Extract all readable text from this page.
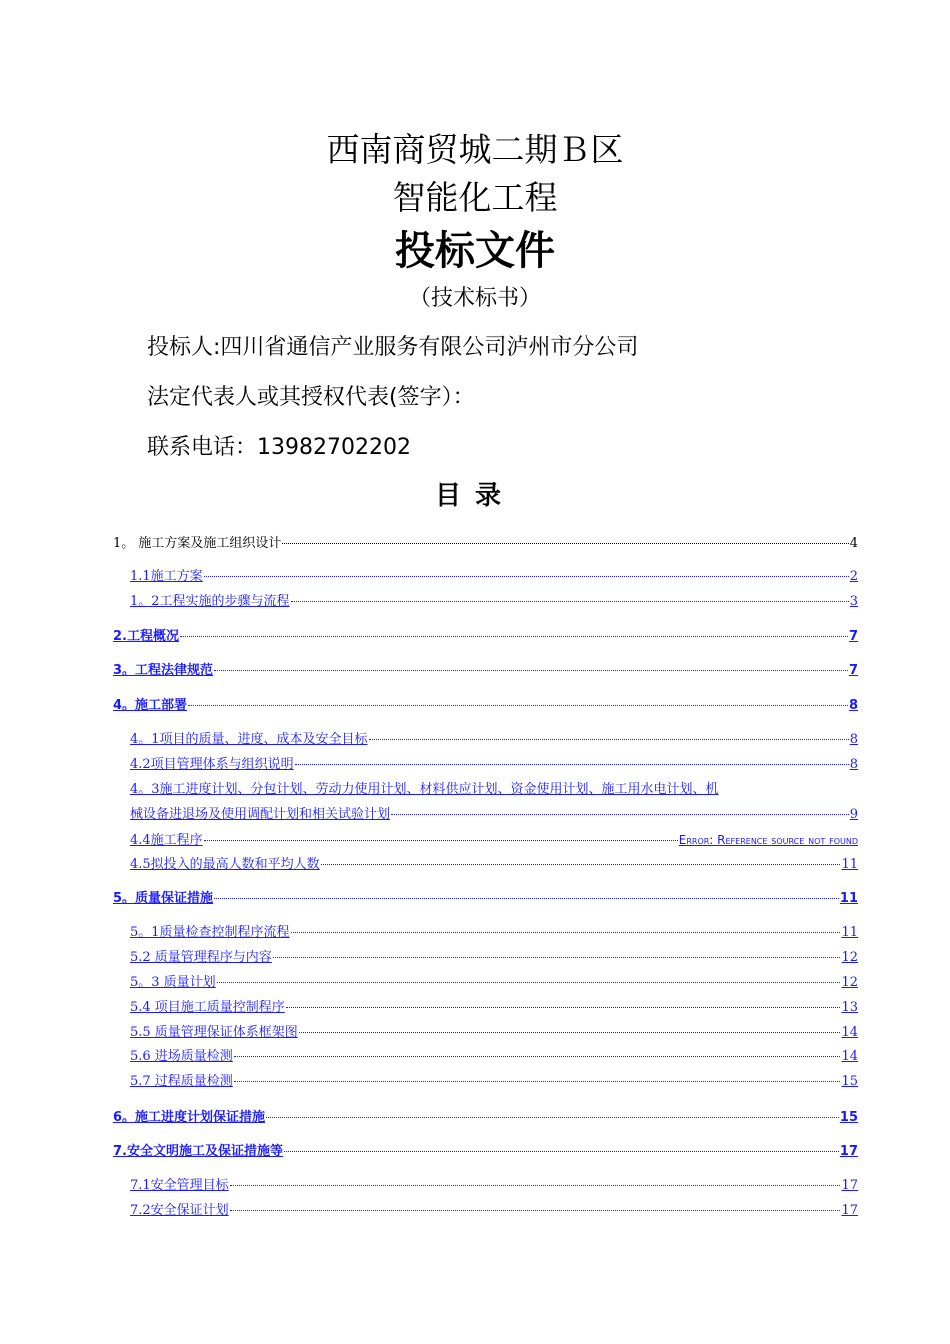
西南商贸城二期Ｂ区
智能化工程
投标文件
（技术标书）
投标人:四川省通信产业服务有限公司泸州市分公司
法定代表人或其授权代表(签字）：
联系电话：13982702202
目录
1。 施工方案及施工组织设计	4
1.1施工方案	2
1。2工程实施的步骤与流程	3
2.工程概况	7
3。工程法律规范	7
4。施工部署	8
4。1项目的质量、进度、成本及安全目标	8
4.2项目管理体系与组织说明	8
4。3施工进度计划、分包计划、劳动力使用计划、材料供应计划、资金使用计划、施工用水电计划、机
械设备进退场及使用调配计划和相关试验计划	9
4.4施工程序	Error: Reference source not found
4.5拟投入的最高人数和平均人数	11
5。质量保证措施	11
5。1质量检查控制程序流程	11
5.2 质量管理程序与内容	12
5。3 质量计划	12
5.4 项目施工质量控制程序	13
5.5 质量管理保证体系框架图	14
5.6 进场质量检测	14
5.7 过程质量检测	15
6。施工进度计划保证措施	15
7.安全文明施工及保证措施等	17
7.1安全管理目标	17
7.2安全保证计划	17
